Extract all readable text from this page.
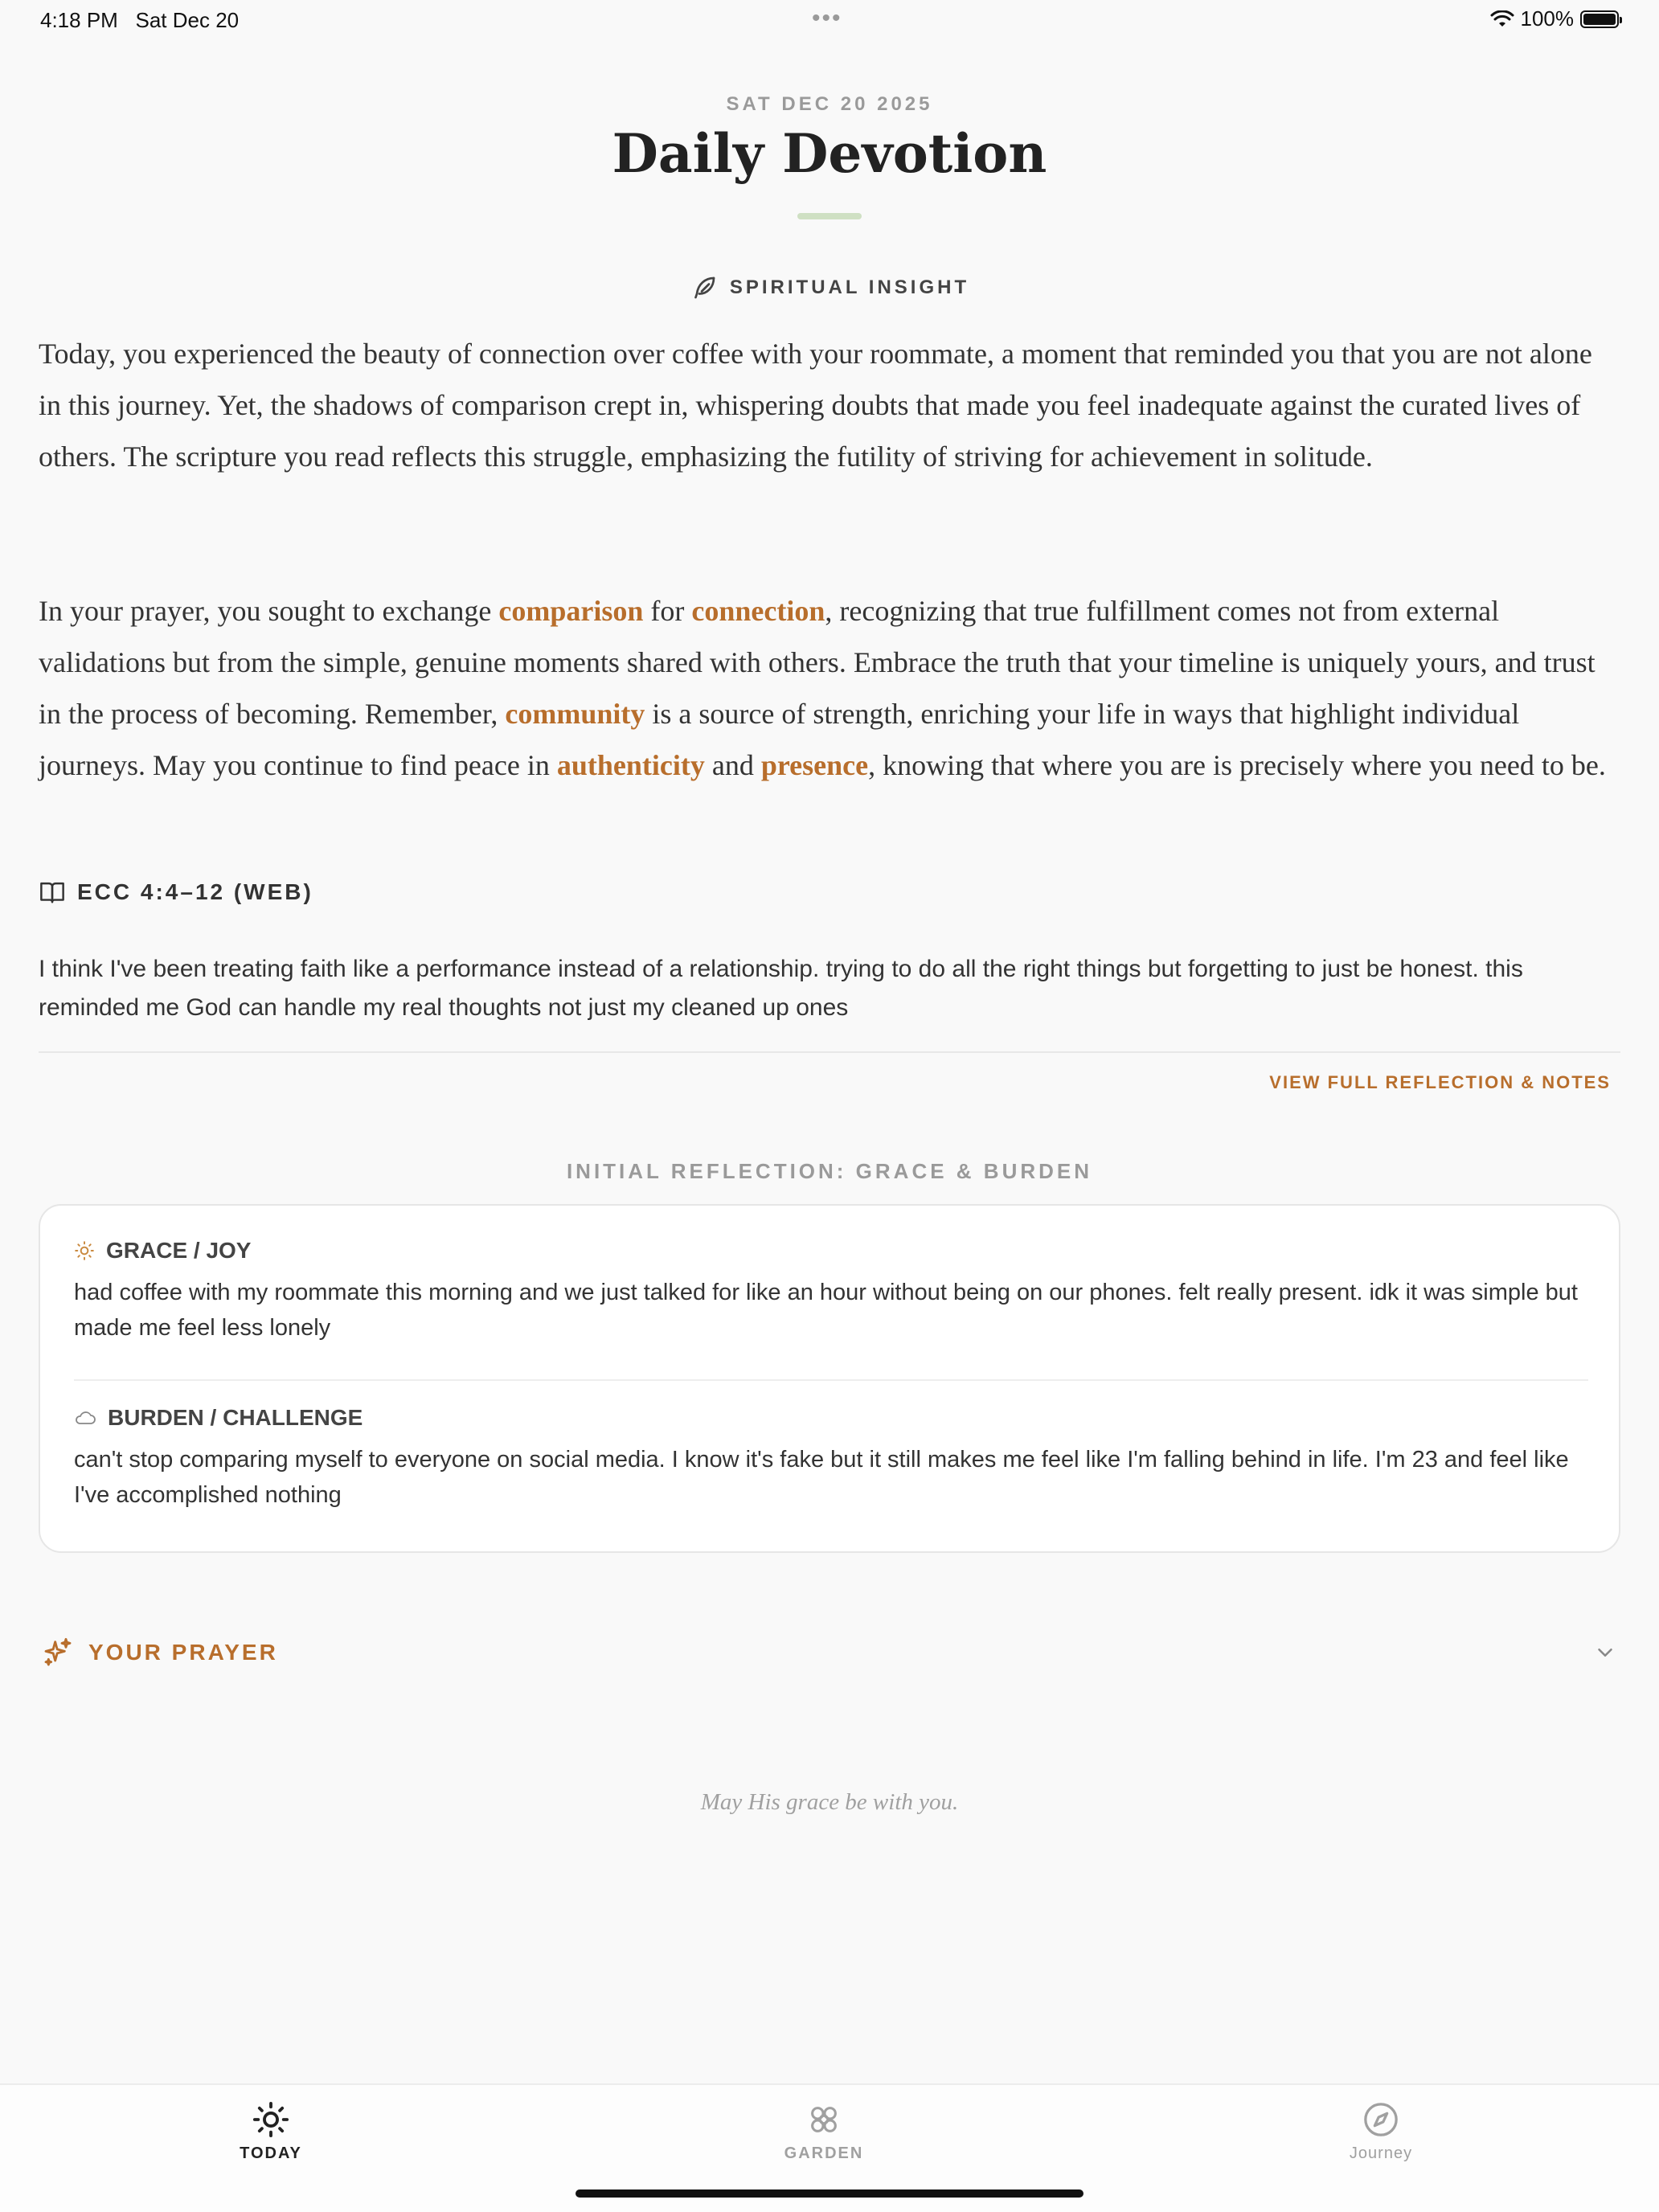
4:18 PM Sat Dec 20	•••	100%
SAT DEC 20 2025
Daily Devotion
SPIRITUAL INSIGHT

Today, you experienced the beauty of connection over coffee with your roommate, a moment that reminded you that you are not alone in this journey. Yet, the shadows of comparison crept in, whispering doubts that made you feel inadequate against the curated lives of others. The scripture you read reflects this struggle, emphasizing the futility of striving for achievement in solitude.

In your prayer, you sought to exchange comparison for connection, recognizing that true fulfillment comes not from external validations but from the simple, genuine moments shared with others. Embrace the truth that your timeline is uniquely yours, and trust in the process of becoming. Remember, community is a source of strength, enriching your life in ways that highlight individual journeys. May you continue to find peace in authenticity and presence, knowing that where you are is precisely where you need to be.

ECC 4:4–12 (WEB)

I think I've been treating faith like a performance instead of a relationship. trying to do all the right things but forgetting to just be honest. this reminded me God can handle my real thoughts not just my cleaned up ones

VIEW FULL REFLECTION & NOTES
INITIAL REFLECTION: GRACE & BURDEN
GRACE / JOY

had coffee with my roommate this morning and we just talked for like an hour without being on our phones. felt really present. idk it was simple but made me feel less lonely

BURDEN / CHALLENGE

can't stop comparing myself to everyone on social media. I know it's fake but it still makes me feel like I'm falling behind in life. I'm 23 and feel like I've accomplished nothing

YOUR PRAYER
May His grace be with you.
TODAY	GARDEN	Journey
